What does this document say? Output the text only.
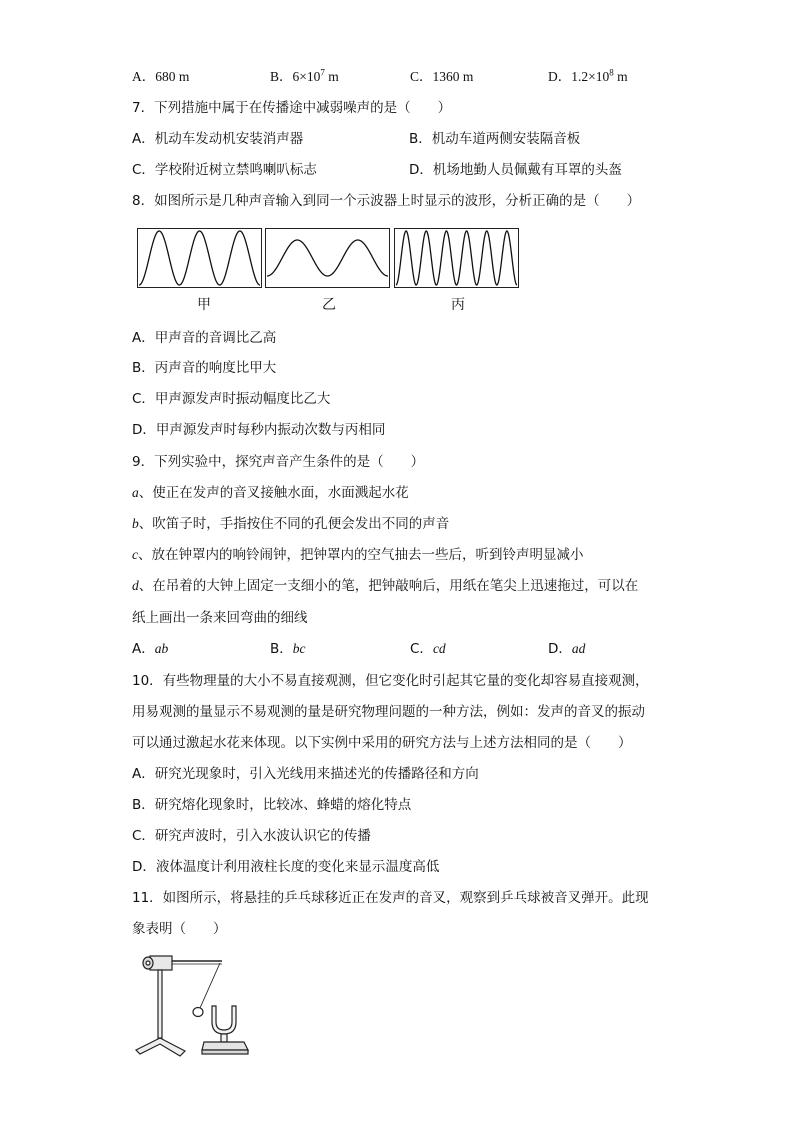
A．680 m	B．$6\times 10^7$ m	C．1360 m	D．$1.2\times 10^8$ m
7．下列措施中属于在传播途中减弱噪声的是（　　）
A．机动车发动机安装消声器	B．机动车道两侧安装隔音板
C．学校附近树立禁鸣喇叭标志	D．机场地勤人员佩戴有耳罩的头盔
8．如图所示是几种声音输入到同一个示波器上时显示的波形，分析正确的是（　　）
甲	乙	丙
A．甲声音的音调比乙高
B．丙声音的响度比甲大
C．甲声源发声时振动幅度比乙大
D．甲声源发声时每秒内振动次数与丙相同
9．下列实验中，探究声音产生条件的是（　　）
a、使正在发声的音叉接触水面，水面溅起水花
b、吹笛子时，手指按住不同的孔便会发出不同的声音
c、放在钟罩内的响铃闹钟，把钟罩内的空气抽去一些后，听到铃声明显减小
d、在吊着的大钟上固定一支细小的笔，把钟敲响后，用纸在笔尖上迅速拖过，可以在
纸上画出一条来回弯曲的细线
A．ab	B．bc	C．cd	D．ad
10．有些物理量的大小不易直接观测，但它变化时引起其它量的变化却容易直接观测，
用易观测的量显示不易观测的量是研究物理问题的一种方法，例如：发声的音叉的振动
可以通过激起水花来体现。以下实例中采用的研究方法与上述方法相同的是（　　）
A．研究光现象时，引入光线用来描述光的传播路径和方向
B．研究熔化现象时，比较冰、蜂蜡的熔化特点
C．研究声波时，引入水波认识它的传播
D．液体温度计利用液柱长度的变化来显示温度高低
11．如图所示，将悬挂的乒乓球移近正在发声的音叉，观察到乒乓球被音叉弹开。此现
象表明（　　）
